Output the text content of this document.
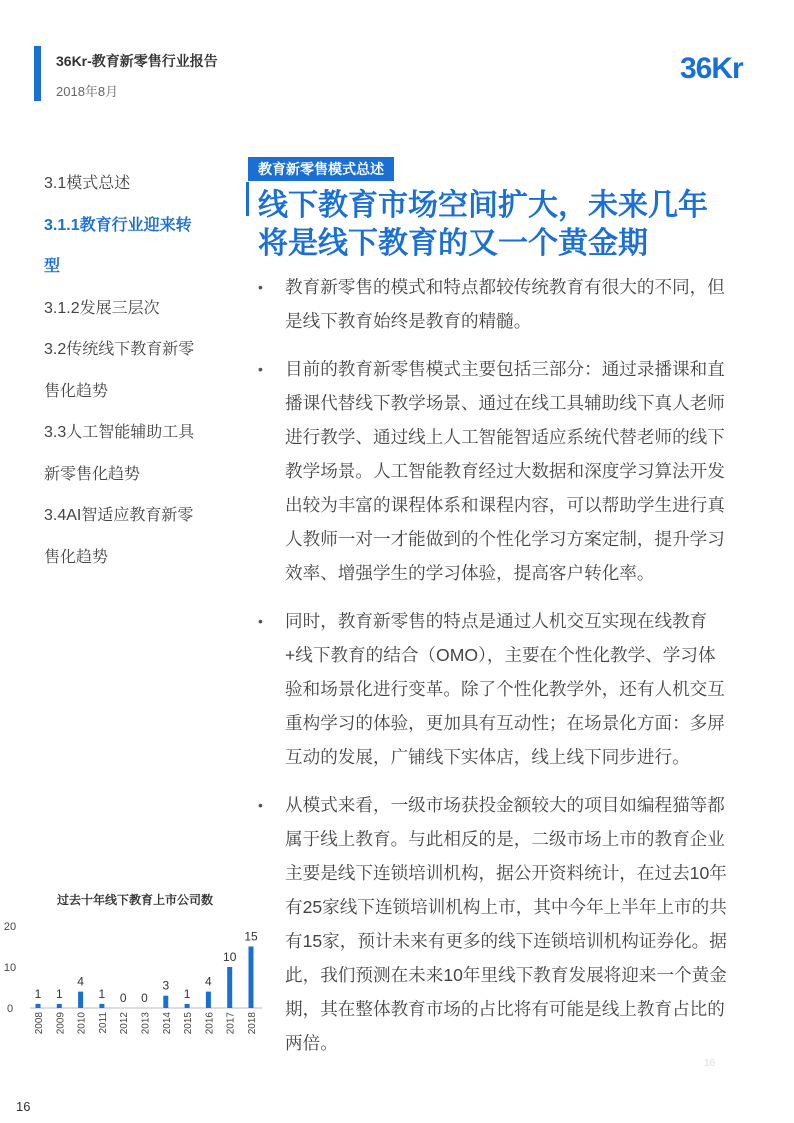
36Kr-教育新零售行业报告
2018年8月
36Kr
3.1模式总述
3.1.1教育行业迎来转
型
3.1.2发展三层次
3.2传统线下教育新零
售化趋势
3.3人工智能辅助工具
新零售化趋势
3.4AI智适应教育新零
售化趋势
教育新零售模式总述
线下教育市场空间扩大，未来几年将是线下教育的又一个黄金期
• 教育新零售的模式和特点都较传统教育有很大的不同，但是线下教育始终是教育的精髓。
• 目前的教育新零售模式主要包括三部分：通过录播课和直播课代替线下教学场景、通过在线工具辅助线下真人老师进行教学、通过线上人工智能智适应系统代替老师的线下教学场景。人工智能教育经过大数据和深度学习算法开发出较为丰富的课程体系和课程内容，可以帮助学生进行真人教师一对一才能做到的个性化学习方案定制，提升学习效率、增强学生的学习体验，提高客户转化率。
• 同时，教育新零售的特点是通过人机交互实现在线教育+线下教育的结合（OMO），主要在个性化教学、学习体验和场景化进行变革。除了个性化教学外，还有人机交互重构学习的体验，更加具有互动性；在场景化方面：多屏互动的发展，广铺线下实体店，线上线下同步进行。
• 从模式来看，一级市场获投金额较大的项目如编程猫等都属于线上教育。与此相反的是，二级市场上市的教育企业主要是线下连锁培训机构，据公开资料统计，在过去10年有25家线下连锁培训机构上市，其中今年上半年上市的共有15家，预计未来有更多的线下连锁培训机构证券化。据此，我们预测在未来10年里线下教育发展将迎来一个黄金期，其在整体教育市场的占比将有可能是线上教育占比的两倍。
过去十年线下教育上市公司数
0
10
20
1
2008
1
2009
4
2010
1
2011
0
2012
0
2013
3
2014
1
2015
4
2016
10
2017
15
2018
16
16
